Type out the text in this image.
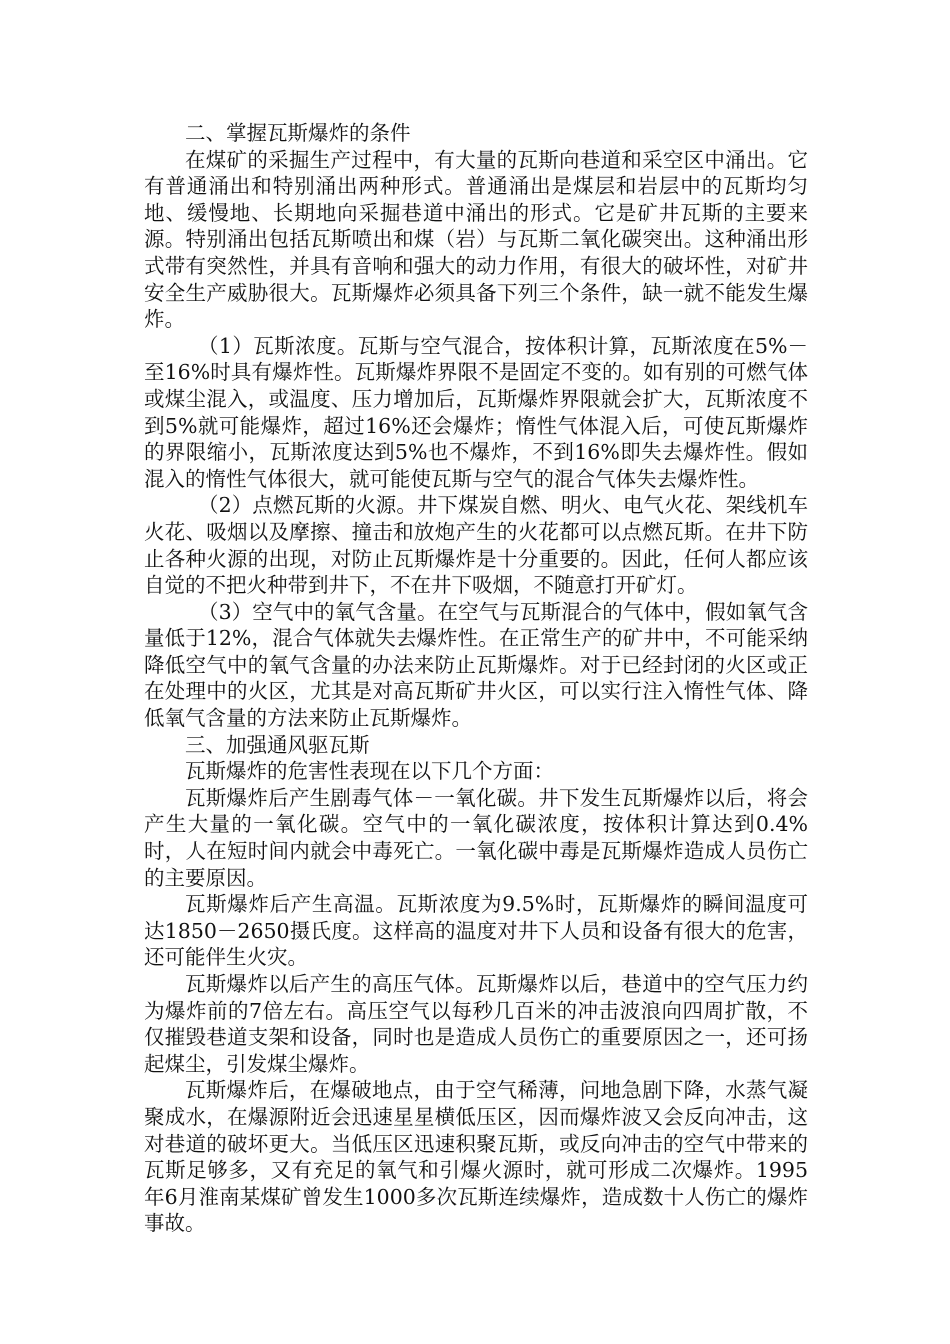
二、掌握瓦斯爆炸的条件

在煤矿的采掘生产过程中，有大量的瓦斯向巷道和采空区中涌出。它有普通涌出和特别涌出两种形式。普通涌出是煤层和岩层中的瓦斯均匀地、缓慢地、长期地向采掘巷道中涌出的形式。它是矿井瓦斯的主要来源。特别涌出包括瓦斯喷出和煤（岩）与瓦斯二氧化碳突出。这种涌出形式带有突然性，并具有音响和强大的动力作用，有很大的破坏性，对矿井安全生产威胁很大。瓦斯爆炸必须具备下列三个条件，缺一就不能发生爆炸。

（1）瓦斯浓度。瓦斯与空气混合，按体积计算，瓦斯浓度在5%－至16%时具有爆炸性。瓦斯爆炸界限不是固定不变的。如有别的可燃气体或煤尘混入，或温度、压力增加后，瓦斯爆炸界限就会扩大，瓦斯浓度不到5%就可能爆炸，超过16%还会爆炸；惰性气体混入后，可使瓦斯爆炸的界限缩小，瓦斯浓度达到5%也不爆炸，不到16%即失去爆炸性。假如混入的惰性气体很大，就可能使瓦斯与空气的混合气体失去爆炸性。

（2）点燃瓦斯的火源。井下煤炭自燃、明火、电气火花、架线机车火花、吸烟以及摩擦、撞击和放炮产生的火花都可以点燃瓦斯。在井下防止各种火源的出现，对防止瓦斯爆炸是十分重要的。因此，任何人都应该自觉的不把火种带到井下，不在井下吸烟，不随意打开矿灯。

（3）空气中的氧气含量。在空气与瓦斯混合的气体中，假如氧气含量低于12%，混合气体就失去爆炸性。在正常生产的矿井中，不可能采纳降低空气中的氧气含量的办法来防止瓦斯爆炸。对于已经封闭的火区或正在处理中的火区，尤其是对高瓦斯矿井火区，可以实行注入惰性气体、降低氧气含量的方法来防止瓦斯爆炸。

三、加强通风驱瓦斯

瓦斯爆炸的危害性表现在以下几个方面：

瓦斯爆炸后产生剧毒气体－一氧化碳。井下发生瓦斯爆炸以后，将会产生大量的一氧化碳。空气中的一氧化碳浓度，按体积计算达到0.4%时，人在短时间内就会中毒死亡。一氧化碳中毒是瓦斯爆炸造成人员伤亡的主要原因。

瓦斯爆炸后产生高温。瓦斯浓度为9.5%时，瓦斯爆炸的瞬间温度可达1850－2650摄氏度。这样高的温度对井下人员和设备有很大的危害，还可能伴生火灾。

瓦斯爆炸以后产生的高压气体。瓦斯爆炸以后，巷道中的空气压力约为爆炸前的7倍左右。高压空气以每秒几百米的冲击波浪向四周扩散，不仅摧毁巷道支架和设备，同时也是造成人员伤亡的重要原因之一，还可扬起煤尘，引发煤尘爆炸。

瓦斯爆炸后，在爆破地点，由于空气稀薄，问地急剧下降，水蒸气凝聚成水，在爆源附近会迅速星星横低压区，因而爆炸波又会反向冲击，这对巷道的破坏更大。当低压区迅速积聚瓦斯，或反向冲击的空气中带来的瓦斯足够多，又有充足的氧气和引爆火源时，就可形成二次爆炸。1995年6月淮南某煤矿曾发生1000多次瓦斯连续爆炸，造成数十人伤亡的爆炸事故。
